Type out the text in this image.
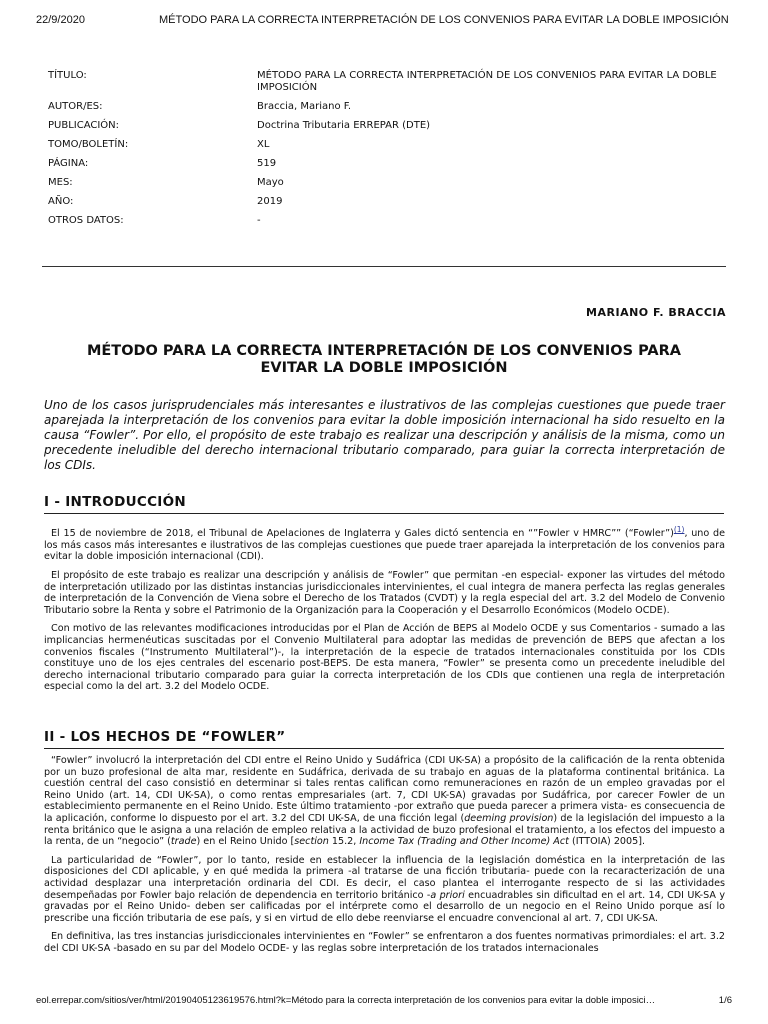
22/9/2020	MÉTODO PARA LA CORRECTA INTERPRETACIÓN DE LOS CONVENIOS PARA EVITAR LA DOBLE IMPOSICIÓN
TÍTULO:	MÉTODO PARA LA CORRECTA INTERPRETACIÓN DE LOS CONVENIOS PARA EVITAR LA DOBLE IMPOSICIÓN
AUTOR/ES:	Braccia, Mariano F.
PUBLICACIÓN:	Doctrina Tributaria ERREPAR (DTE)
TOMO/BOLETÍN:	XL
PÁGINA:	519
MES:	Mayo
AÑO:	2019
OTROS DATOS:	-
MARIANO F. BRACCIA
MÉTODO PARA LA CORRECTA INTERPRETACIÓN DE LOS CONVENIOS PARA EVITAR LA DOBLE IMPOSICIÓN
Uno de los casos jurisprudenciales más interesantes e ilustrativos de las complejas cuestiones que puede traer aparejada la interpretación de los convenios para evitar la doble imposición internacional ha sido resuelto en la causa “Fowler”. Por ello, el propósito de este trabajo es realizar una descripción y análisis de la misma, como un precedente ineludible del derecho internacional tributario comparado, para guiar la correcta interpretación de los CDIs.
I - INTRODUCCIÓN

El 15 de noviembre de 2018, el Tribunal de Apelaciones de Inglaterra y Gales dictó sentencia en “”Fowler v HMRC”” (“Fowler”)$^{(1)}$, uno de los más casos más interesantes e ilustrativos de las complejas cuestiones que puede traer aparejada la interpretación de los convenios para evitar la doble imposición internacional (CDI).

El propósito de este trabajo es realizar una descripción y análisis de “Fowler” que permitan -en especial- exponer las virtudes del método de interpretación utilizado por las distintas instancias jurisdiccionales intervinientes, el cual integra de manera perfecta las reglas generales de interpretación de la Convención de Viena sobre el Derecho de los Tratados (CVDT) y la regla especial del art. 3.2 del Modelo de Convenio Tributario sobre la Renta y sobre el Patrimonio de la Organización para la Cooperación y el Desarrollo Económicos (Modelo OCDE).

Con motivo de las relevantes modificaciones introducidas por el Plan de Acción de BEPS al Modelo OCDE y sus Comentarios - sumado a las implicancias hermenéuticas suscitadas por el Convenio Multilateral para adoptar las medidas de prevención de BEPS que afectan a los convenios fiscales (“Instrumento Multilateral”)-, la interpretación de la especie de tratados internacionales constituida por los CDIs constituye uno de los ejes centrales del escenario post-BEPS. De esta manera, “Fowler” se presenta como un precedente ineludible del derecho internacional tributario comparado para guiar la correcta interpretación de los CDIs que contienen una regla de interpretación especial como la del art. 3.2 del Modelo OCDE.

II - LOS HECHOS DE “FOWLER”

“Fowler” involucró la interpretación del CDI entre el Reino Unido y Sudáfrica (CDI UK-SA) a propósito de la calificación de la renta obtenida por un buzo profesional de alta mar, residente en Sudáfrica, derivada de su trabajo en aguas de la plataforma continental británica. La cuestión central del caso consistió en determinar si tales rentas califican como remuneraciones en razón de un empleo gravadas por el Reino Unido (art. 14, CDI UK-SA), o como rentas empresariales (art. 7, CDI UK-SA) gravadas por Sudáfrica, por carecer Fowler de un establecimiento permanente en el Reino Unido. Este último tratamiento -por extraño que pueda parecer a primera vista- es consecuencia de la aplicación, conforme lo dispuesto por el art. 3.2 del CDI UK-SA, de una ficción legal (deeming provision) de la legislación del impuesto a la renta británico que le asigna a una relación de empleo relativa a la actividad de buzo profesional el tratamiento, a los efectos del impuesto a la renta, de un “negocio” (trade) en el Reino Unido [section 15.2, Income Tax (Trading and Other Income) Act (ITTOIA) 2005].

La particularidad de “Fowler”, por lo tanto, reside en establecer la influencia de la legislación doméstica en la interpretación de las disposiciones del CDI aplicable, y en qué medida la primera -al tratarse de una ficción tributaria- puede con la recaracterización de una actividad desplazar una interpretación ordinaria del CDI. Es decir, el caso plantea el interrogante respecto de si las actividades desempeñadas por Fowler bajo relación de dependencia en territorio británico -a priori encuadrables sin dificultad en el art. 14, CDI UK-SA y gravadas por el Reino Unido- deben ser calificadas por el intérprete como el desarrollo de un negocio en el Reino Unido porque así lo prescribe una ficción tributaria de ese país, y si en virtud de ello debe reenviarse el encuadre convencional al art. 7, CDI UK-SA.

En definitiva, las tres instancias jurisdiccionales intervinientes en “Fowler” se enfrentaron a dos fuentes normativas primordiales: el art. 3.2 del CDI UK-SA -basado en su par del Modelo OCDE- y las reglas sobre interpretación de los tratados internacionales

eol.errepar.com/sitios/ver/html/20190405123619576.html?k=Método para la correcta interpretación de los convenios para evitar la doble imposici…	1/6
